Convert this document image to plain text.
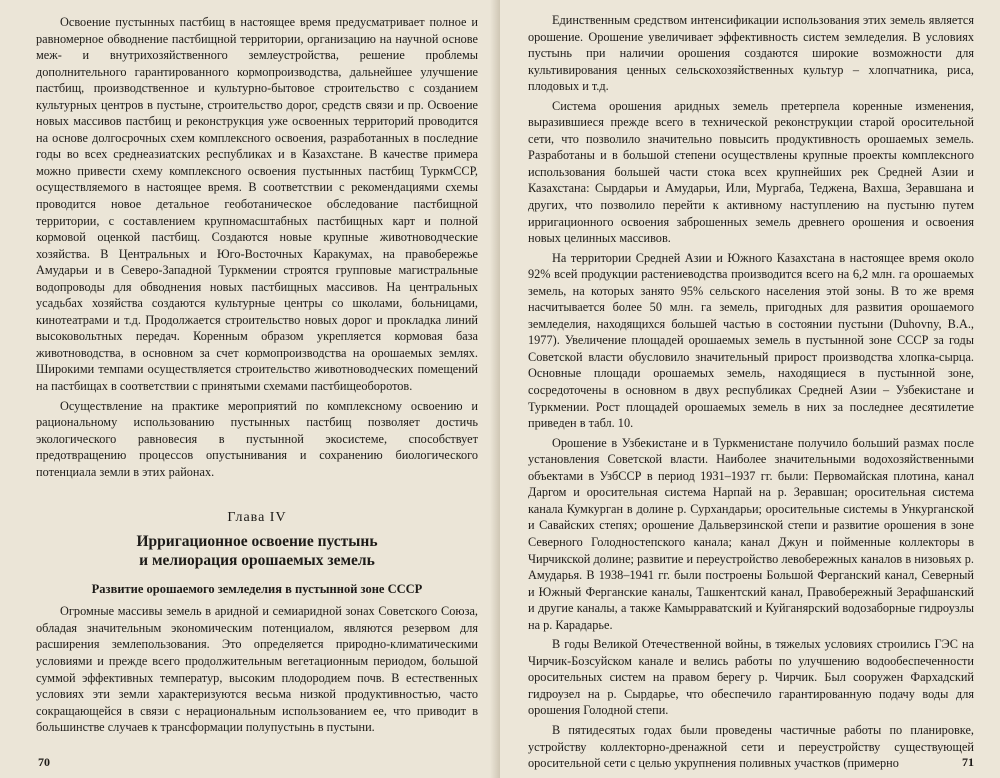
Освоение пустынных пастбищ в настоящее время предусматривает полное и равномерное обводнение пастбищной территории, организацию на научной основе меж- и внутрихозяйственного землеустройства, решение проблемы дополнительного гарантированного кормопроизводства, дальнейшее улучшение пастбищ, производственное и культурно-бытовое строительство с созданием культурных центров в пустыне, строительство дорог, средств связи и пр. Освоение новых массивов пастбищ и реконструкция уже освоенных территорий проводится на основе долгосрочных схем комплексного освоения, разработанных в последние годы во всех среднеазиатских республиках и в Казахстане. В качестве примера можно привести схему комплексного освоения пустынных пастбищ ТуркмССР, осуществляемого в настоящее время. В соответствии с рекомендациями схемы проводится новое детальное геоботаническое обследование пастбищной территории, с составлением крупномасштабных пастбищных карт и полной кормовой оценкой пастбищ. Создаются новые крупные животноводческие хозяйства. В Центральных и Юго-Восточных Каракумах, на правобережье Амударьи и в Северо-Западной Туркмении строятся групповые магистральные водопроводы для обводнения новых пастбищных массивов. На центральных усадьбах хозяйства создаются культурные центры со школами, больницами, кинотеатрами и т.д. Продолжается строительство новых дорог и прокладка линий высоковольтных передач. Коренным образом укрепляется кормовая база животноводства, в основном за счет кормопроизводства на орошаемых землях. Широкими темпами осуществляется строительство животноводческих помещений на пастбищах в соответствии с принятыми схемами пастбищеоборотов.

Осуществление на практике мероприятий по комплексному освоению и рациональному использованию пустынных пастбищ позволяет достичь экологического равновесия в пустынной экосистеме, способствует предотвращению процессов опустынивания и сохранению биологического потенциала земли в этих районах.

Глава IV
Ирригационное освоение пустынь
и мелиорация орошаемых земель
Развитие орошаемого земледелия в пустынной зоне СССР

Огромные массивы земель в аридной и семиаридной зонах Советского Союза, обладая значительным экономическим потенциалом, являются резервом для расширения землепользования. Это определяется природно-климатическими условиями и прежде всего продолжительным вегетационным периодом, большой суммой эффективных температур, высоким плодородием почв. В естественных условиях эти земли характеризуются весьма низкой продуктивностью, часто сокращающейся в связи с нерациональным использованием ее, что приводит в большинстве случаев к трансформации полупустынь в пустыни.

70

Единственным средством интенсификации использования этих земель является орошение. Орошение увеличивает эффективность систем земледелия. В условиях пустынь при наличии орошения создаются широкие возможности для культивирования ценных сельскохозяйственных культур – хлопчатника, риса, плодовых и т.д.

Система орошения аридных земель претерпела коренные изменения, выразившиеся прежде всего в технической реконструкции старой оросительной сети, что позволило значительно повысить продуктивность орошаемых земель. Разработаны и в большой степени осуществлены крупные проекты комплексного использования большей части стока всех крупнейших рек Средней Азии и Казахстана: Сырдарьи и Амударьи, Или, Мургаба, Теджена, Вахша, Зеравшана и других, что позволило перейти к активному наступлению на пустыню путем ирригационного освоения заброшенных земель древнего орошения и освоения новых целинных массивов.

На территории Средней Азии и Южного Казахстана в настоящее время около 92% всей продукции растениеводства производится всего на 6,2 млн. га орошаемых земель, на которых занято 95% сельского населения этой зоны. В то же время насчитывается более 50 млн. га земель, пригодных для развития орошаемого земледелия, находящихся большей частью в состоянии пустыни (Duhovny, В.А., 1977). Увеличение площадей орошаемых земель в пустынной зоне СССР за годы Советской власти обусловило значительный прирост производства хлопка-сырца. Основные площади орошаемых земель, находящиеся в пустынной зоне, сосредоточены в основном в двух республиках Средней Азии – Узбекистане и Туркмении. Рост площадей орошаемых земель в них за последнее десятилетие приведен в табл. 10.

Орошение в Узбекистане и в Туркменистане получило больший размах после установления Советской власти. Наиболее значительными водохозяйственными объектами в УзбССР в период 1931–1937 гг. были: Первомайская плотина, канал Даргом и оросительная система Нарпай на р. Зеравшан; оросительная система канала Кумкурган в долине р. Сурхандарьи; оросительные системы в Ункурганской и Савайских степях; орошение Дальверзинской степи и развитие орошения в зоне Северного Голодностепского канала; канал Джун и пойменные коллекторы в Чирчикской долине; развитие и переустройство левобережных каналов в низовьях р. Амударья. В 1938–1941 гг. были построены Большой Ферганский канал, Северный и Южный Ферганские каналы, Ташкентский канал, Правобережный Зерафшанский и другие каналы, а также Камырраватский и Куйганярский водозаборные гидроузлы на р. Карадарье.

В годы Великой Отечественной войны, в тяжелых условиях строились ГЭС на Чирчик-Бозсуйском канале и велись работы по улучшению водообеспеченности оросительных систем на правом берегу р. Чирчик. Был сооружен Фархадский гидроузел на р. Сырдарье, что обеспечило гарантированную подачу воды для орошения Голодной степи.

В пятидесятых годах были проведены частичные работы по планировке, устройству коллекторно-дренажной сети и переустройству существующей оросительной сети с целью укрупнения поливных участков (примерно	71
